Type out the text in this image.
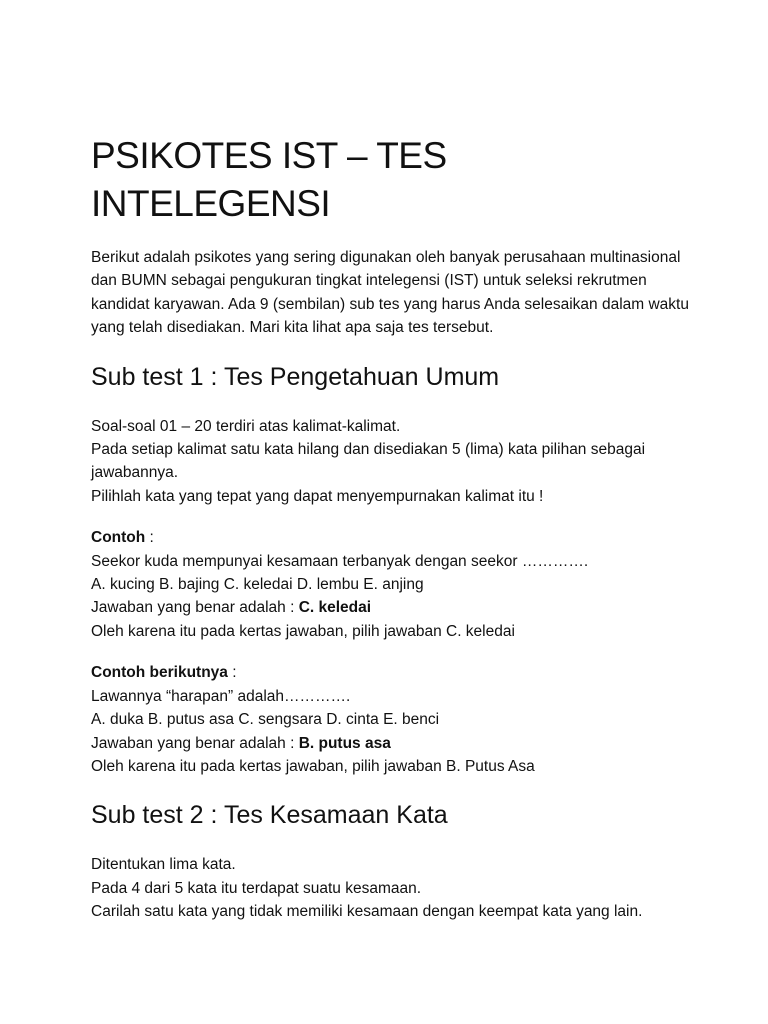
PSIKOTES IST – TES INTELEGENSI

Berikut adalah psikotes yang sering digunakan oleh banyak perusahaan multinasional dan BUMN sebagai pengukuran tingkat intelegensi (IST) untuk seleksi rekrutmen kandidat karyawan. Ada 9 (sembilan) sub tes yang harus Anda selesaikan dalam waktu yang telah disediakan. Mari kita lihat apa saja tes tersebut.

Sub test 1 : Tes Pengetahuan Umum
Soal-soal 01 – 20 terdiri atas kalimat-kalimat.
Pada setiap kalimat satu kata hilang dan disediakan 5 (lima) kata pilihan sebagai jawabannya.
Pilihlah kata yang tepat yang dapat menyempurnakan kalimat itu !
Contoh :
Seekor kuda mempunyai kesamaan terbanyak dengan seekor ………….
A. kucing B. bajing C. keledai D. lembu E. anjing
Jawaban yang benar adalah : C. keledai
Oleh karena itu pada kertas jawaban, pilih jawaban C. keledai
Contoh berikutnya :
Lawannya “harapan” adalah………….
A. duka B. putus asa C. sengsara D. cinta E. benci
Jawaban yang benar adalah : B. putus asa
Oleh karena itu pada kertas jawaban, pilih jawaban B. Putus Asa
Sub test 2 : Tes Kesamaan Kata
Ditentukan lima kata.
Pada 4 dari 5 kata itu terdapat suatu kesamaan.
Carilah satu kata yang tidak memiliki kesamaan dengan keempat kata yang lain.
